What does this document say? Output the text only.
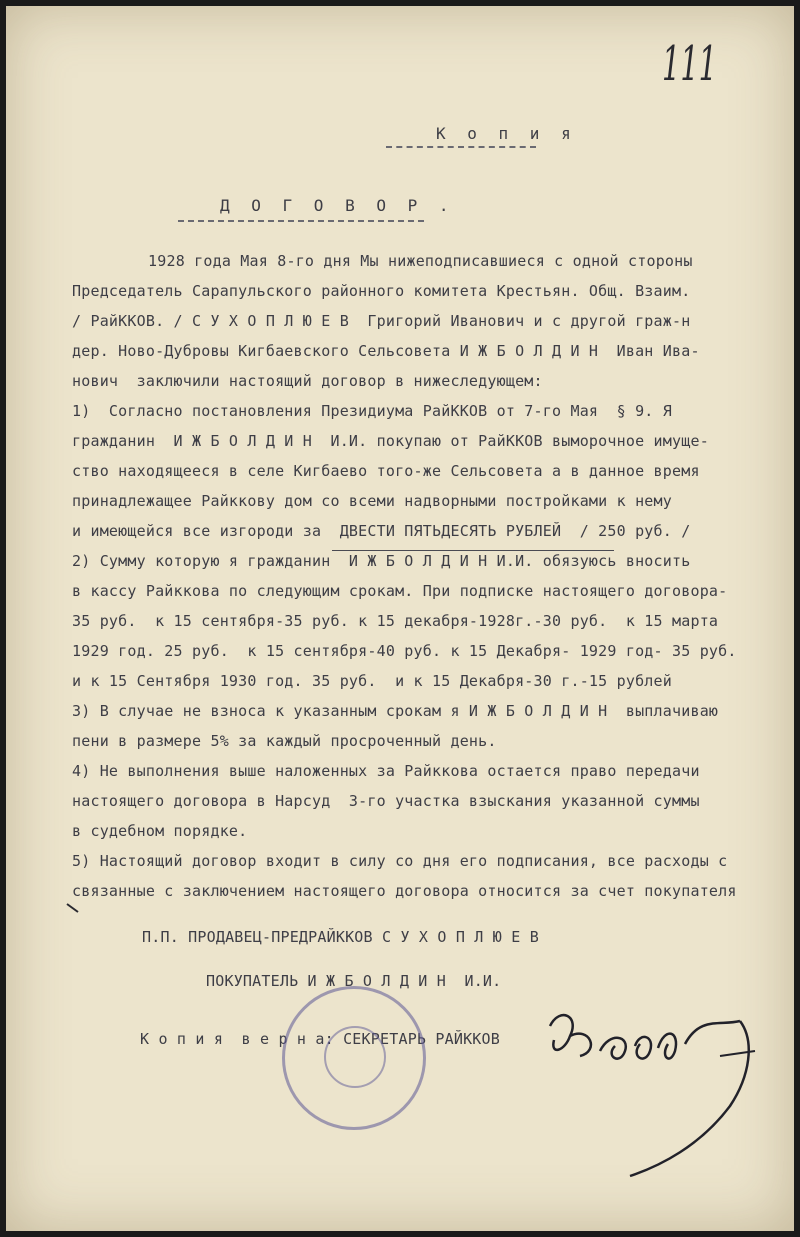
111
К о п и я
Д О Г О В О Р .
1928 года Мая 8-го дня Мы нижеподписавшиеся с одной стороны
Председатель Сарапульского районного комитета Крестьян. Общ. Взаим.
/ РайККОВ. / С У Х О П Л Ю Е В  Григорий Иванович и с другой граж-н
дер. Ново-Дубровы Кигбаевского Сельсовета И Ж Б О Л Д И Н  Иван Ива-
нович  заключили настоящий договор в нижеследующем:
1)  Согласно постановления Президиума РайККОВ от 7-го Мая  § 9. Я
гражданин  И Ж Б О Л Д И Н  И.И. покупаю от РайККОВ выморочное имуще-
ство находящееся в селе Кигбаево того-же Сельсовета а в данное время
принадлежащее Райккову дом со всеми надворными постройками к нему
и имеющейся все изгороди за  ДВЕСТИ ПЯТЬДЕСЯТЬ РУБЛЕЙ  / 250 руб. /
2) Сумму которую я гражданин  И Ж Б О Л Д И Н И.И. обязуюсь вносить
в кассу Райккова по следующим срокам. При подписке настоящего договора-
35 руб.  к 15 сентября-35 руб. к 15 декабря-1928г.-30 руб.  к 15 марта
1929 год. 25 руб.  к 15 сентября-40 руб. к 15 Декабря- 1929 год- 35 руб.
и к 15 Сентября 1930 год. 35 руб.  и к 15 Декабря-30 г.-15 рублей
3) В случае не взноса к указанным срокам я И Ж Б О Л Д И Н  выплачиваю
пени в размере 5% за каждый просроченный день.
4) Не выполнения выше наложенных за Райккова остается право передачи
настоящего договора в Нарсуд  3-го участка взыскания указанной суммы
в судебном порядке.
5) Настоящий договор входит в силу со дня его подписания, все расходы с
связанные с заключением настоящего договора относится за счет покупателя
П.П. ПРОДАВЕЦ-ПРЕДРАЙККОВ С У Х О П Л Ю Е В
ПОКУПАТЕЛЬ И Ж Б О Л Д И Н  И.И.
К о п и я  в е р н а: СЕКРЕТАРЬ РАЙККОВ
